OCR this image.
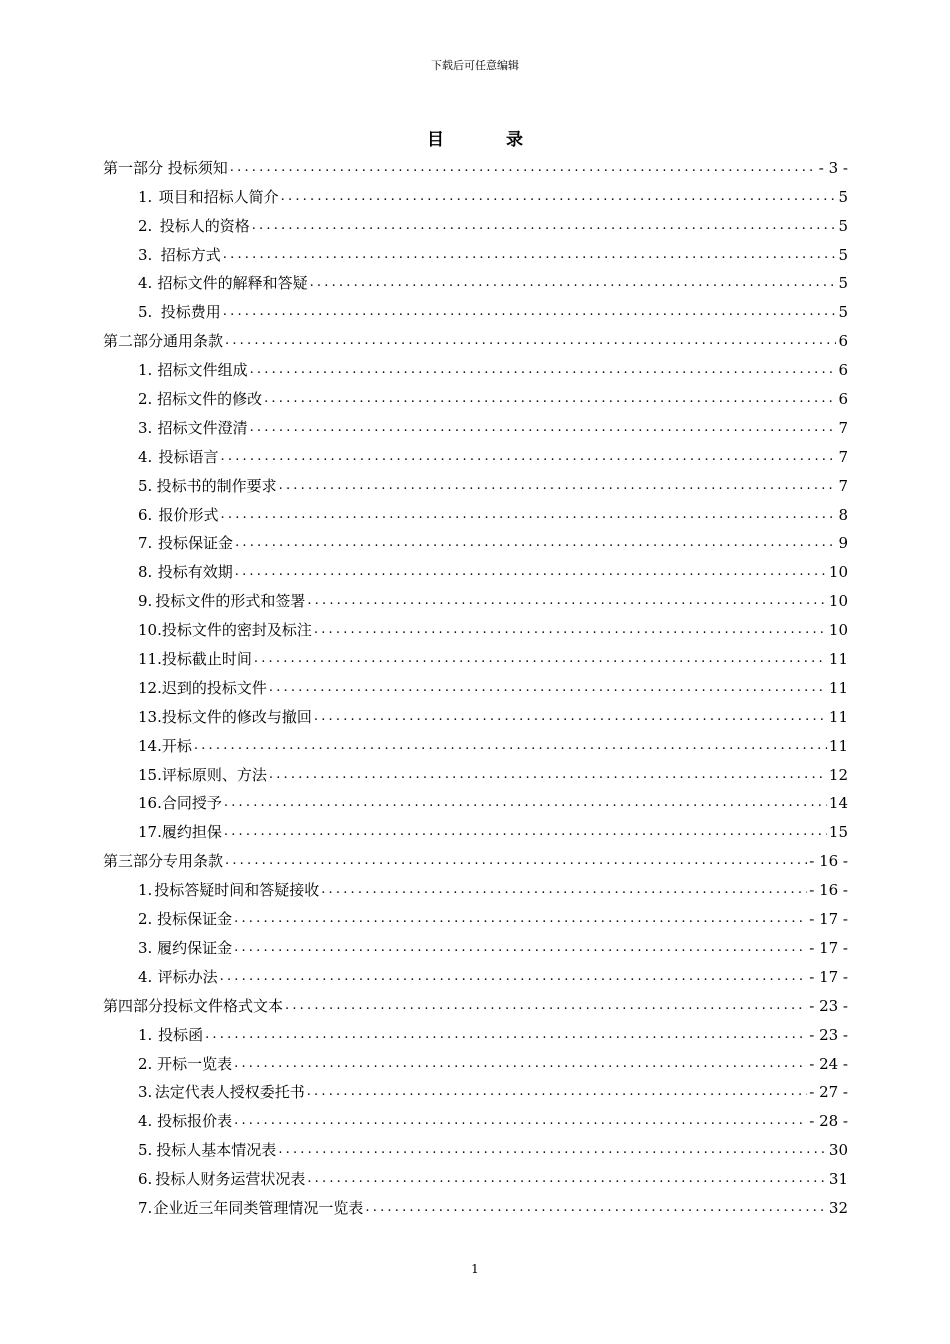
下载后可任意编辑
目 录
第一部分 投标须知 .....	- 3 -
1. 项目和招标人简介 .....	5
2. 投标人的资格 .....	5
3. 招标方式 .....	5
4. 招标文件的解释和答疑 .....	5
5. 投标费用 .....	5
第二部分通用条款 .....	6
1. 招标文件组成 .....	6
2. 招标文件的修改 .....	6
3. 招标文件澄清 .....	7
4. 投标语言 .....	7
5. 投标书的制作要求 .....	7
6. 报价形式 .....	8
7. 投标保证金 .....	9
8. 投标有效期 .....	10
9. 投标文件的形式和签署 .....	10
10. 投标文件的密封及标注 .....	10
11. 投标截止时间 .....	11
12. 迟到的投标文件 .....	11
13. 投标文件的修改与撤回 .....	11
14. 开标 .....	11
15. 评标原则、方法 .....	12
16. 合同授予 .....	14
17. 履约担保 .....	15
第三部分专用条款 .....	- 16 -
1. 投标答疑时间和答疑接收 .....	- 16 -
2. 投标保证金 .....	- 17 -
3. 履约保证金 .....	- 17 -
4. 评标办法 .....	- 17 -
第四部分投标文件格式文本 .....	- 23 -
1. 投标函 .....	- 23 -
2. 开标一览表 .....	- 24 -
3. 法定代表人授权委托书 .....	- 27 -
4. 投标报价表 .....	- 28 -
5. 投标人基本情况表 .....	30
6. 投标人财务运营状况表 .....	31
7. 企业近三年同类管理情况一览表 .....	32
1
